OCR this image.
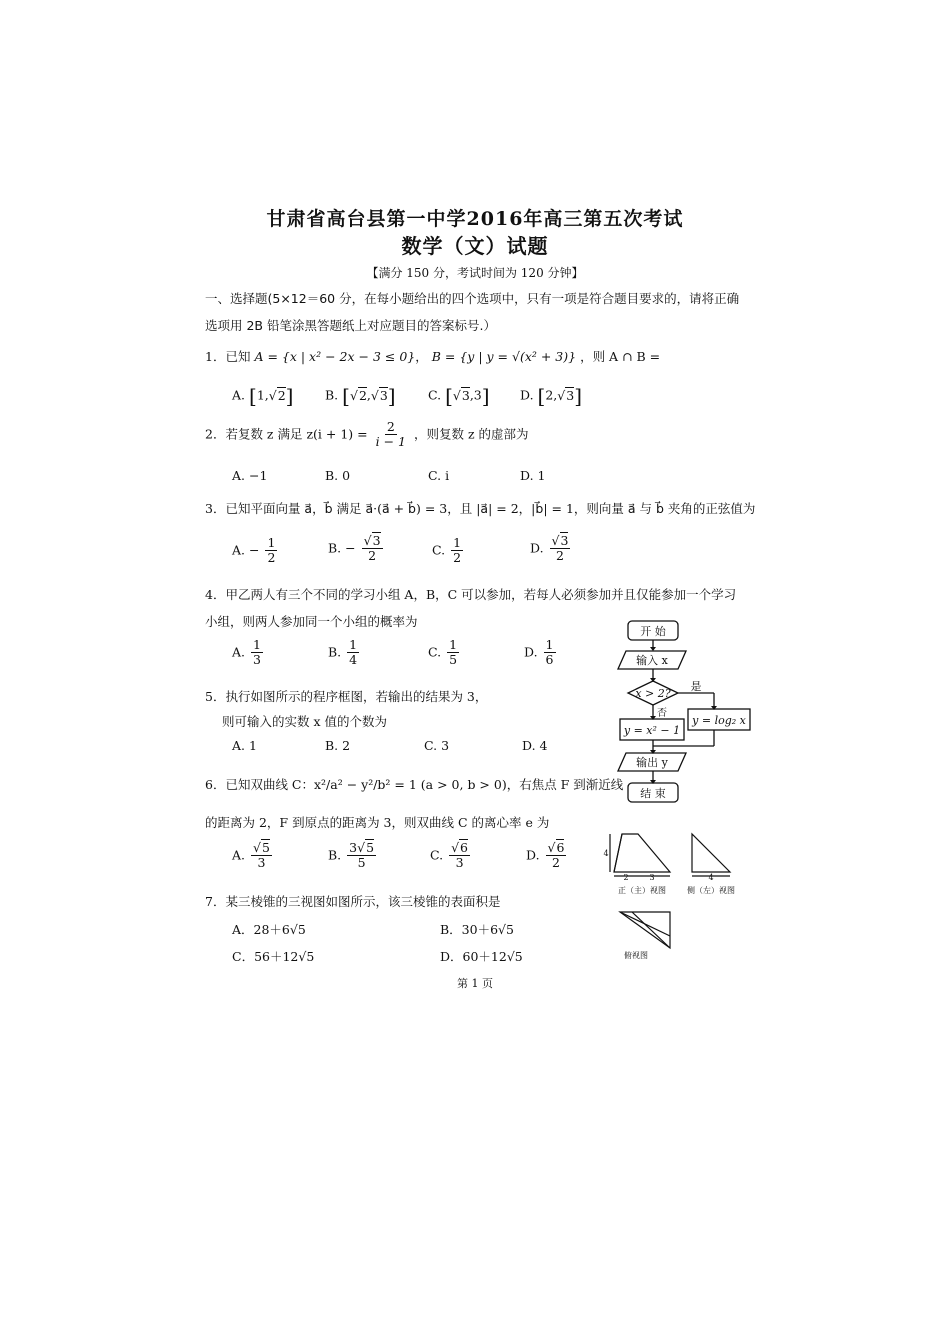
甘肃省高台县第一中学2016年高三第五次考试
数学（文）试题
【满分 150 分，考试时间为 120 分钟】
一、选择题(5×12＝60 分，在每小题给出的四个选项中，只有一项是符合题目要求的，请将正确
选项用 2B 铅笔涂黑答题纸上对应题目的答案标号.）
1．已知 A = {x | x² − 2x − 3 ≤ 0}， B = {y | y = √(x² + 3)} ，则 A ∩ B =
A. [1, √ 2]	B. [ √ 2, √ 3]	C. [ √ 3,3] D. [2, √ 3]
2．若复数 z 满足 $z(i + 1) = \frac{2}{i - 1}$ ，则复数 z 的虚部为
A. −1	B. 0	C. i	D. 1
3．已知平面向量 a⃗，b⃗ 满足 a⃗·(a⃗ + b⃗) = 3，且 |a⃗| = 2，|b⃗| = 1，则向量 a⃗ 与 b⃗ 夹角的正弦值为
A. − $\frac{1}{2}$	B. − √ $\frac{3}{2}$	C. $\frac{1}{2}$	D. √ $\frac{3}{2}$
4．甲乙两人有三个不同的学习小组 A，B，C 可以参加，若每人必须参加并且仅能参加一个学习
小组，则两人参加同一个小组的概率为
A. $\frac{1}{3}$	B. $\frac{1}{4}$	C. $\frac{1}{5}$	D. $\frac{1}{6}$
5．执行如图所示的程序框图，若输出的结果为 3，
则可输入的实数 x 值的个数为
A. 1	B. 2	C. 3	D. 4
开 始
输入 x
x > 2?
是
否
y = log₂ x
y = x² − 1
输出 y
结 束
6．已知双曲线 C：x²/a² − y²/b² = 1 (a > 0, b > 0)，右焦点 F 到渐近线
的距离为 2，F 到原点的距离为 3，则双曲线 C 的离心率 e 为
A. √ $\frac{5}{3}$	B. $\frac{3 √ 5}{5}$	C. √ $\frac{6}{3}$	D. √ $\frac{6}{2}$	4
2	3	4
正（主）视图	侧（左）视图
俯视图
7．某三棱锥的三视图如图所示，该三棱锥的表面积是
A．28＋6√5	B．30＋6√5
C．56＋12√5	D．60＋12√5
第 1 页
